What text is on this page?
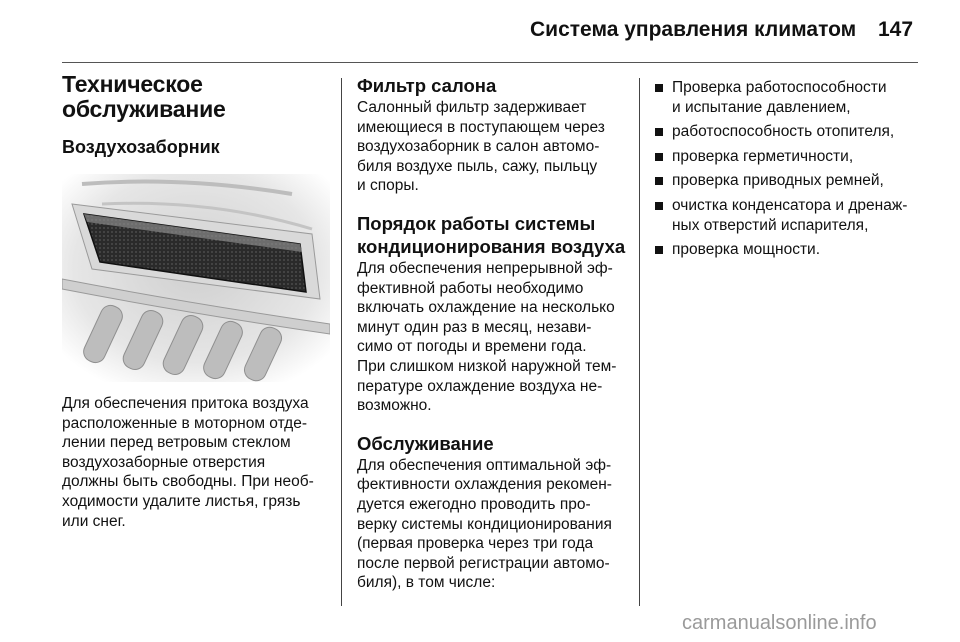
Система управления климатом 147
Техническое
обслуживание
Воздухозаборник

Для обеспечения притока воздуха
расположенные в моторном отде-
лении перед ветровым стеклом
воздухозаборные отверстия
должны быть свободны. При необ-
ходимости удалите листья, грязь
или снег.

Фильтр салона

Салонный фильтр задерживает
имеющиеся в поступающем через
воздухозаборник в салон автомо-
биля воздухе пыль, сажу, пыльцу
и споры.

Порядок работы системы
кондиционирования воздуха

Для обеспечения непрерывной эф-
фективной работы необходимо
включать охлаждение на несколько
минут один раз в месяц, незави-
симо от погоды и времени года.
При слишком низкой наружной тем-
пературе охлаждение воздуха не-
возможно.

Обслуживание

Для обеспечения оптимальной эф-
фективности охлаждения рекомен-
дуется ежегодно проводить про-
верку системы кондиционирования
(первая проверка через три года
после первой регистрации автомо-
биля), в том числе:

Проверка работоспособности
и испытание давлением,
работоспособность отопителя,
проверка герметичности,
проверка приводных ремней,
очистка конденсатора и дренаж-
ных отверстий испарителя,
проверка мощности.
carmanualsonline.info
